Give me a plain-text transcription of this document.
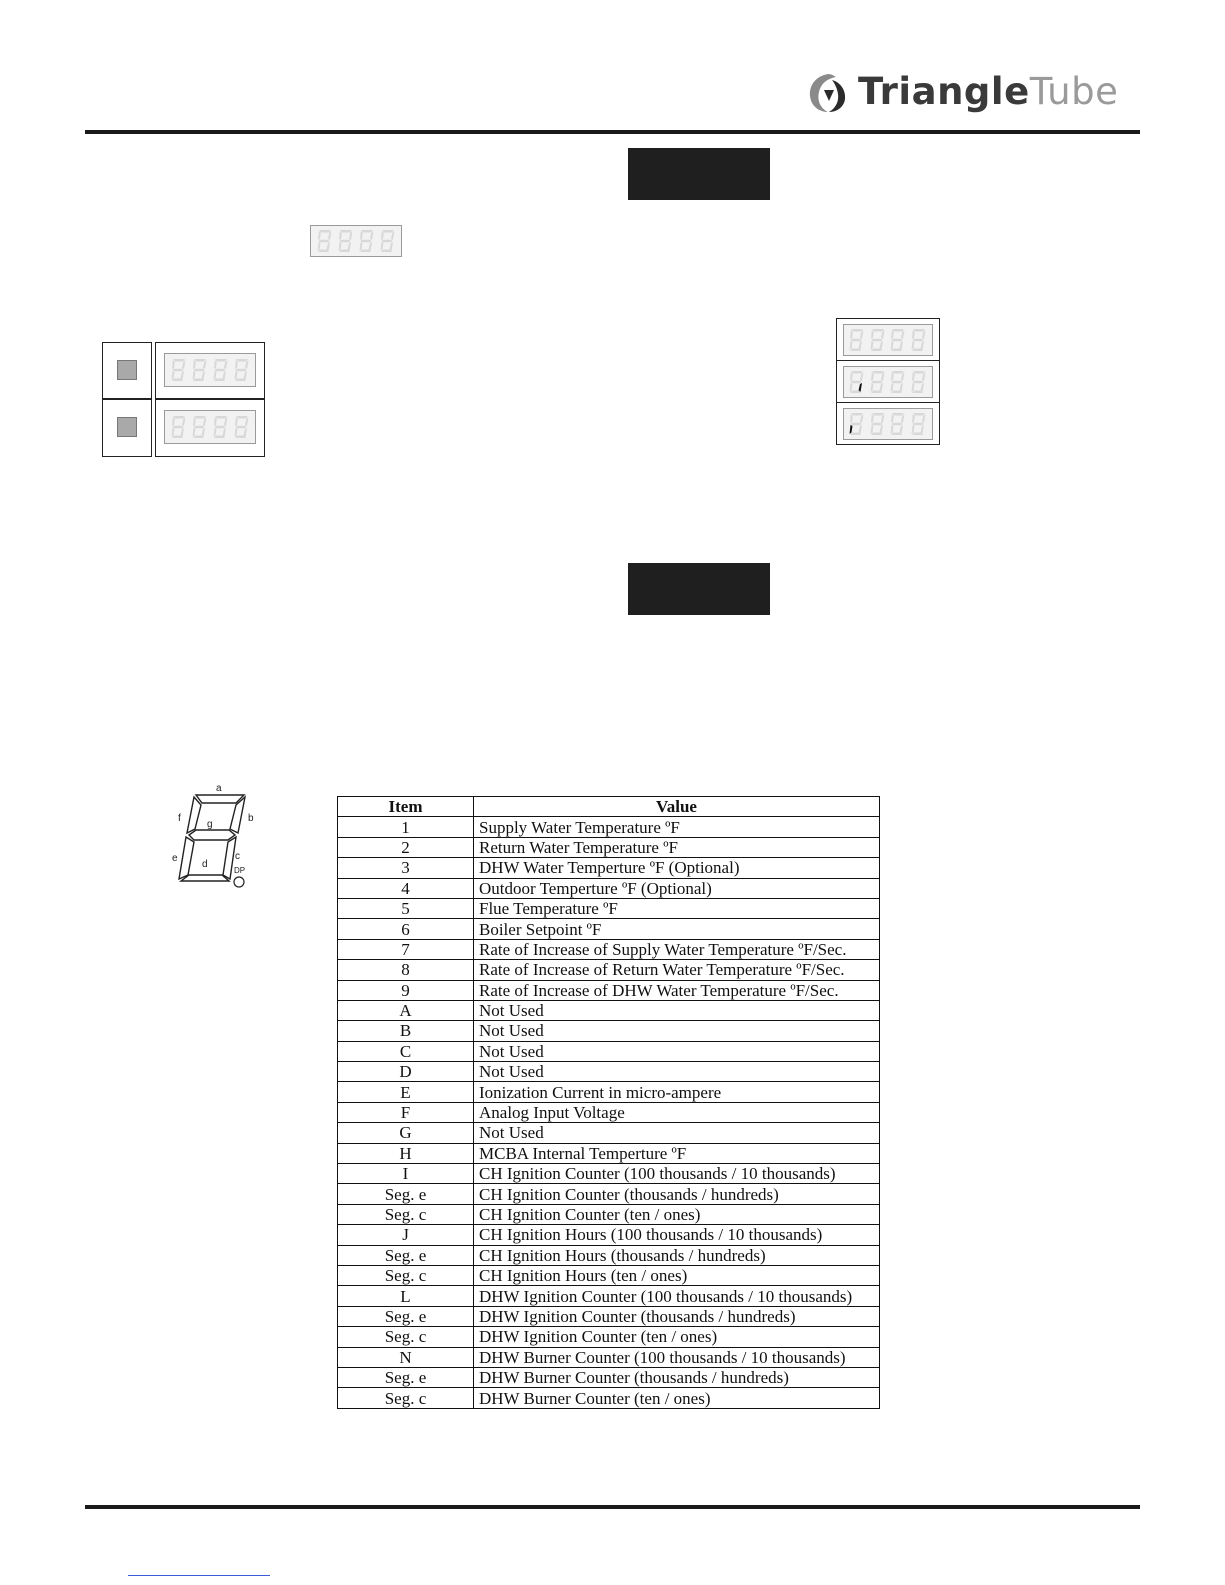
TriangleTube
a
b
f
g
e	c
d
DP
Item	Value
1	Supply Water Temperature ºF
2	Return Water Temperature ºF
3	DHW Water Temperture ºF (Optional)
4	Outdoor Temperture ºF (Optional)
5	Flue Temperature ºF
6	Boiler Setpoint ºF
7	Rate of Increase of Supply Water Temperature ºF/Sec.
8	Rate of Increase of Return Water Temperature ºF/Sec.
9	Rate of Increase of DHW Water Temperature ºF/Sec.
A	Not Used
B	Not Used
C	Not Used
D	Not Used
E	Ionization Current in micro-ampere
F	Analog Input Voltage
G	Not Used
H	MCBA Internal Temperture ºF
I	CH Ignition Counter (100 thousands / 10 thousands)
Seg. e	CH Ignition Counter (thousands / hundreds)
Seg. c	CH Ignition Counter (ten / ones)
J	CH Ignition Hours (100 thousands / 10 thousands)
Seg. e	CH Ignition Hours (thousands / hundreds)
Seg. c	CH Ignition Hours (ten / ones)
L	DHW Ignition Counter (100 thousands / 10 thousands)
Seg. e	DHW Ignition Counter (thousands / hundreds)
Seg. c	DHW Ignition Counter (ten / ones)
N	DHW Burner Counter (100 thousands / 10 thousands)
Seg. e	DHW Burner Counter (thousands / hundreds)
Seg. c	DHW Burner Counter (ten / ones)
